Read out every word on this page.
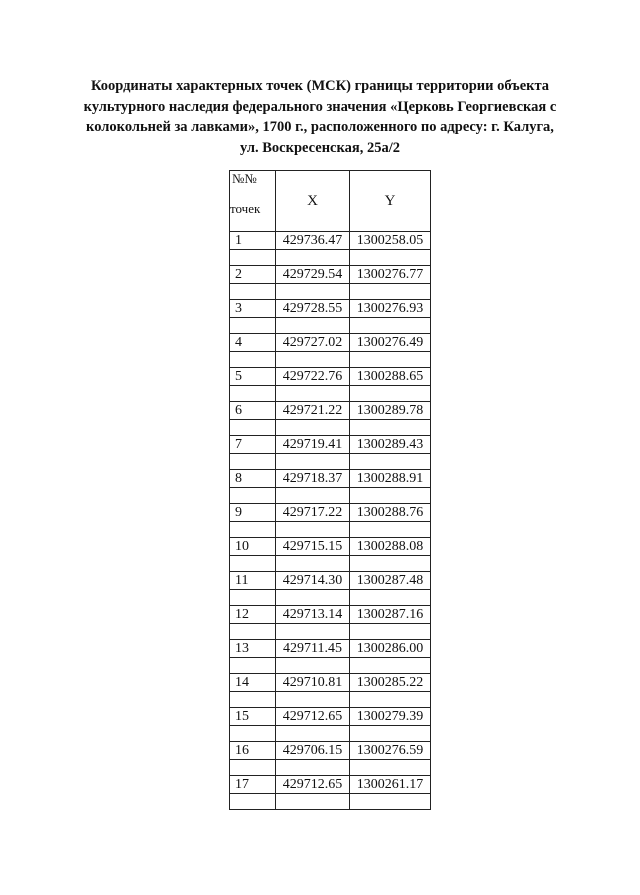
Координаты характерных точек (МСК) границы территории объекта
культурного наследия федерального значения «Церковь Георгиевская с
колокольней за лавками», 1700 г., расположенного по адресу: г. Калуга,
ул. Воскресенская, 25а/2
№№
точек	X	Y
1	429736.47	1300258.05

2	429729.54	1300276.77

3	429728.55	1300276.93

4	429727.02	1300276.49

5	429722.76	1300288.65

6	429721.22	1300289.78

7	429719.41	1300289.43

8	429718.37	1300288.91

9	429717.22	1300288.76

10	429715.15	1300288.08

11	429714.30	1300287.48

12	429713.14	1300287.16

13	429711.45	1300286.00

14	429710.81	1300285.22

15	429712.65	1300279.39

16	429706.15	1300276.59

17	429712.65	1300261.17
